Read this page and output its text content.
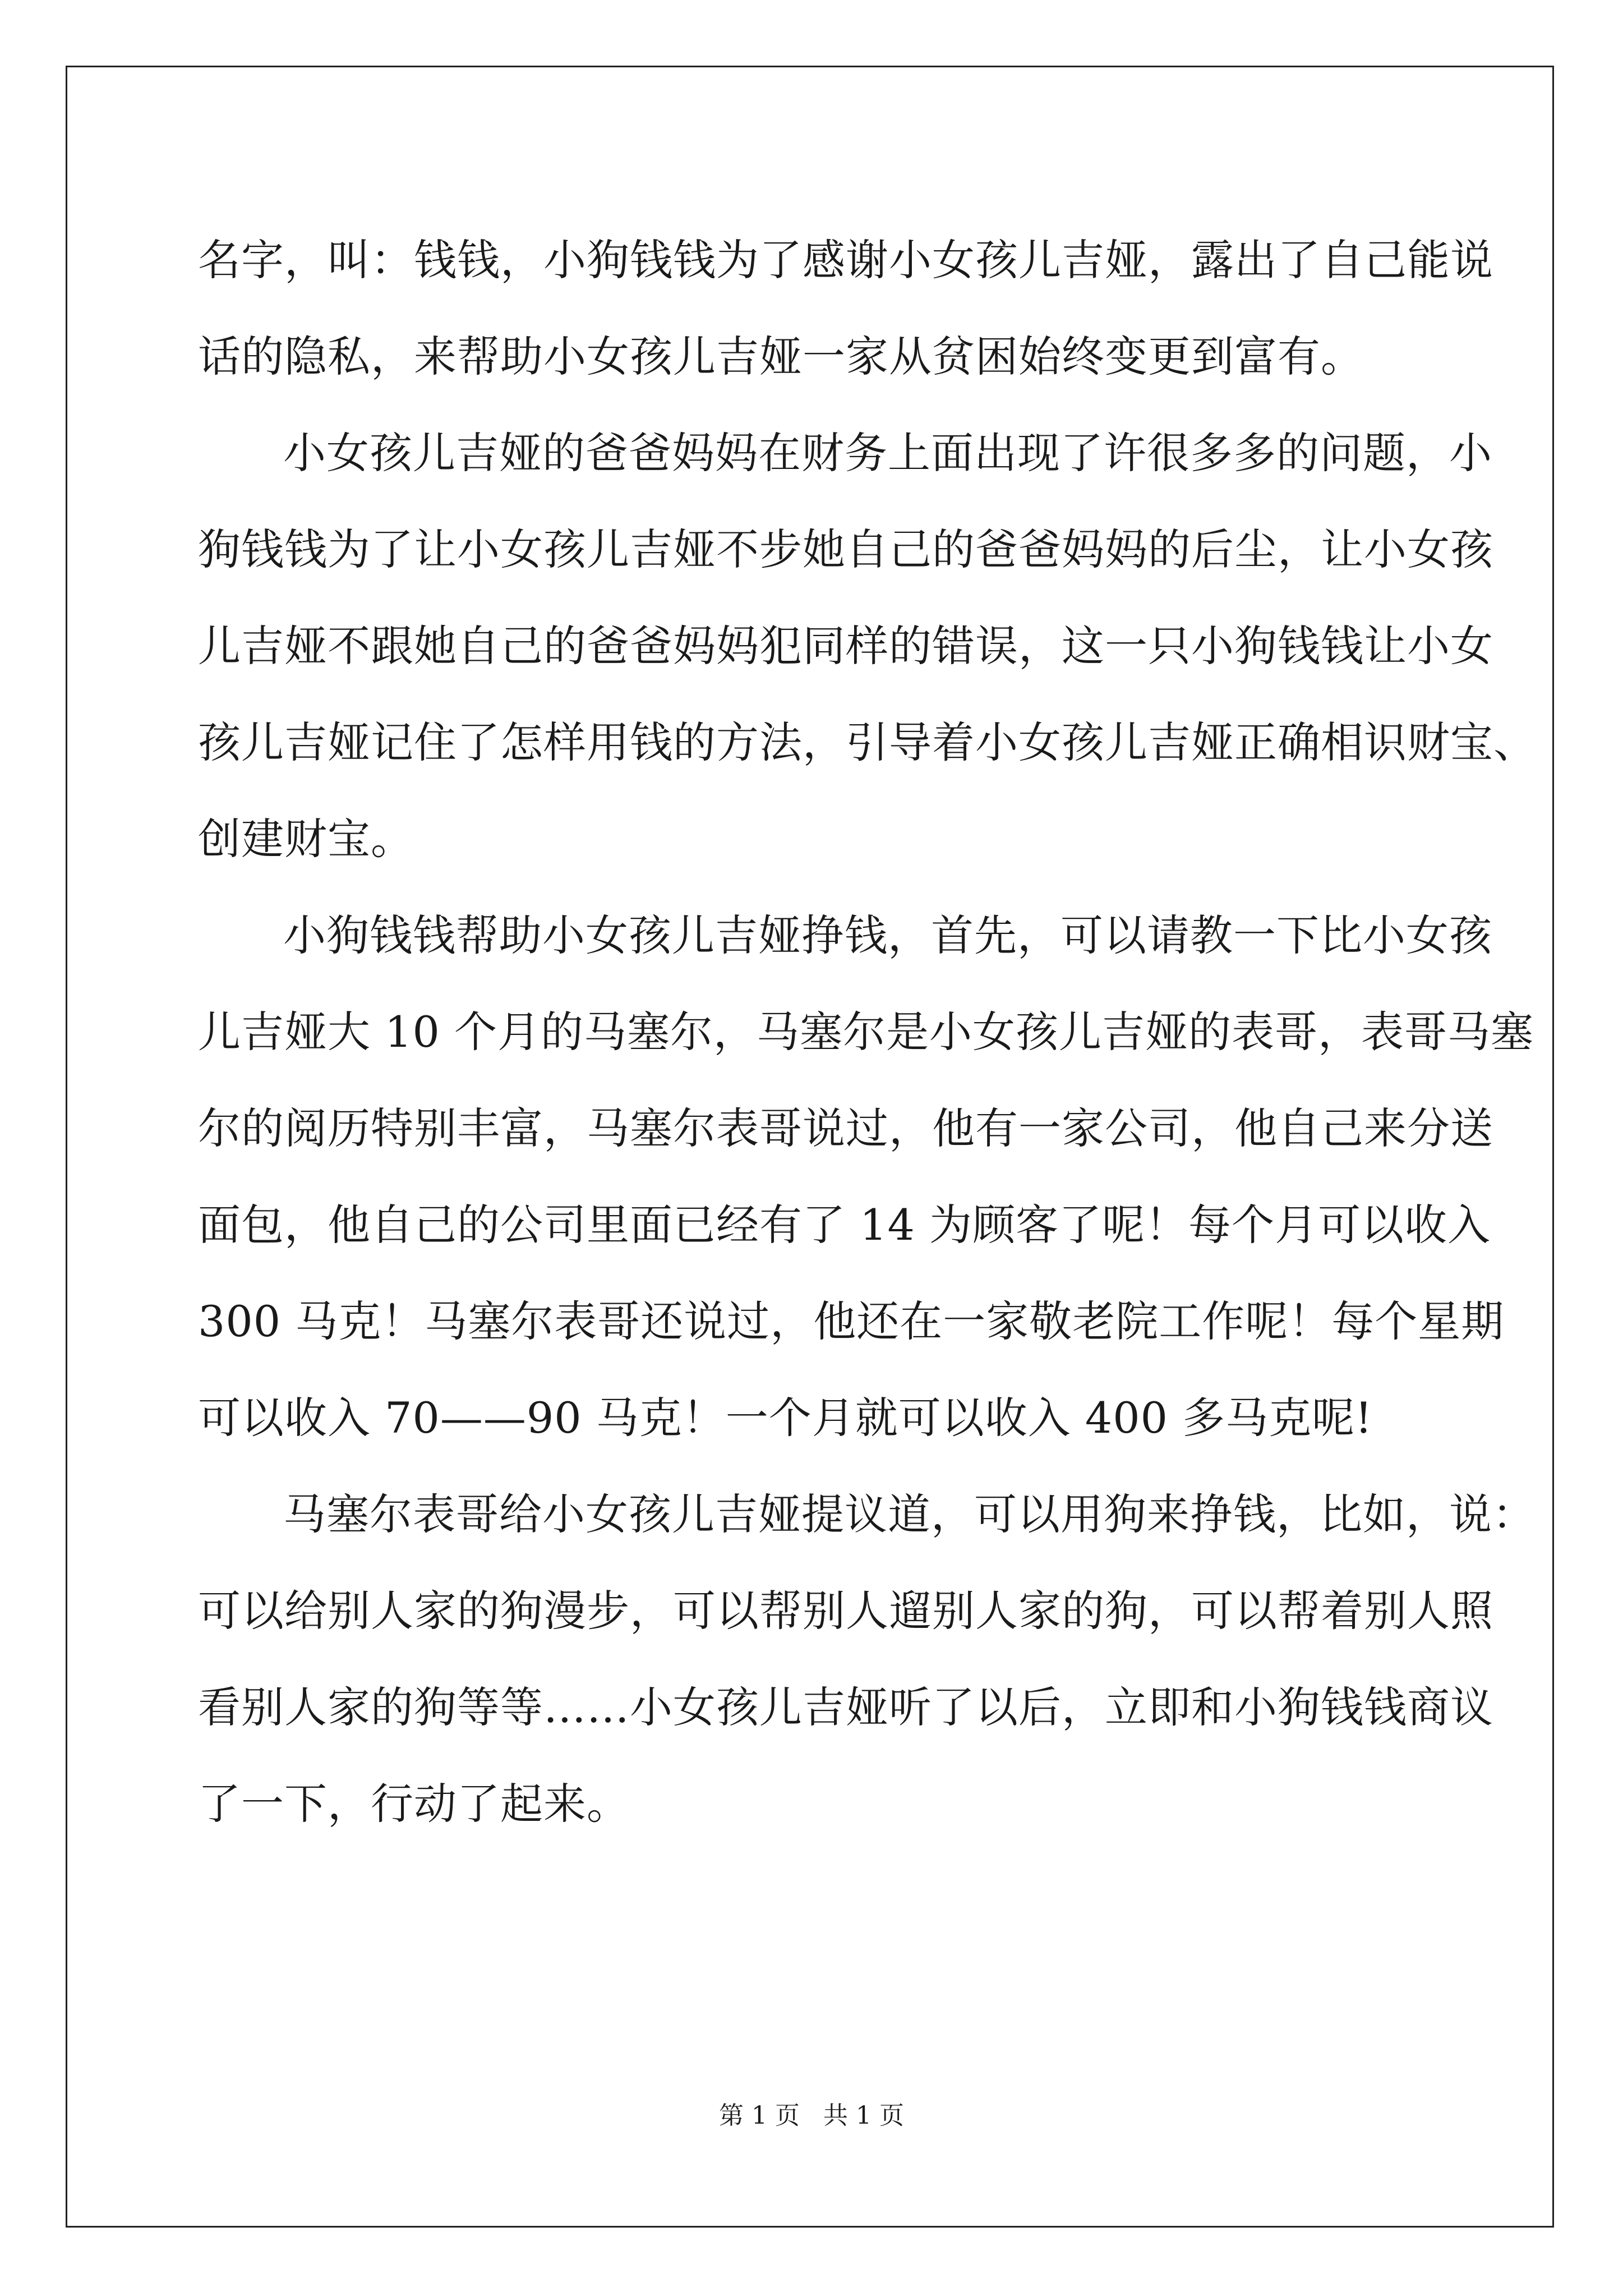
名字，叫：钱钱，小狗钱钱为了感谢小女孩儿吉娅，露出了自己能说
话的隐私，来帮助小女孩儿吉娅一家从贫困始终变更到富有。
小女孩儿吉娅的爸爸妈妈在财务上面出现了许很多多的问题，小
狗钱钱为了让小女孩儿吉娅不步她自己的爸爸妈妈的后尘，让小女孩
儿吉娅不跟她自己的爸爸妈妈犯同样的错误，这一只小狗钱钱让小女
孩儿吉娅记住了怎样用钱的方法，引导着小女孩儿吉娅正确相识财宝、
创建财宝。
小狗钱钱帮助小女孩儿吉娅挣钱，首先，可以请教一下比小女孩
儿吉娅大 10 个月的马塞尔，马塞尔是小女孩儿吉娅的表哥，表哥马塞
尔的阅历特别丰富，马塞尔表哥说过，他有一家公司，他自己来分送
面包，他自己的公司里面已经有了 14 为顾客了呢！每个月可以收入
300 马克！马塞尔表哥还说过，他还在一家敬老院工作呢！每个星期
可以收入 70——90 马克！一个月就可以收入 400 多马克呢!
马塞尔表哥给小女孩儿吉娅提议道，可以用狗来挣钱，比如，说：
可以给别人家的狗漫步，可以帮别人遛别人家的狗，可以帮着别人照
看别人家的狗等等……小女孩儿吉娅听了以后，立即和小狗钱钱商议
了一下，行动了起来。
第 1 页 共 1 页
